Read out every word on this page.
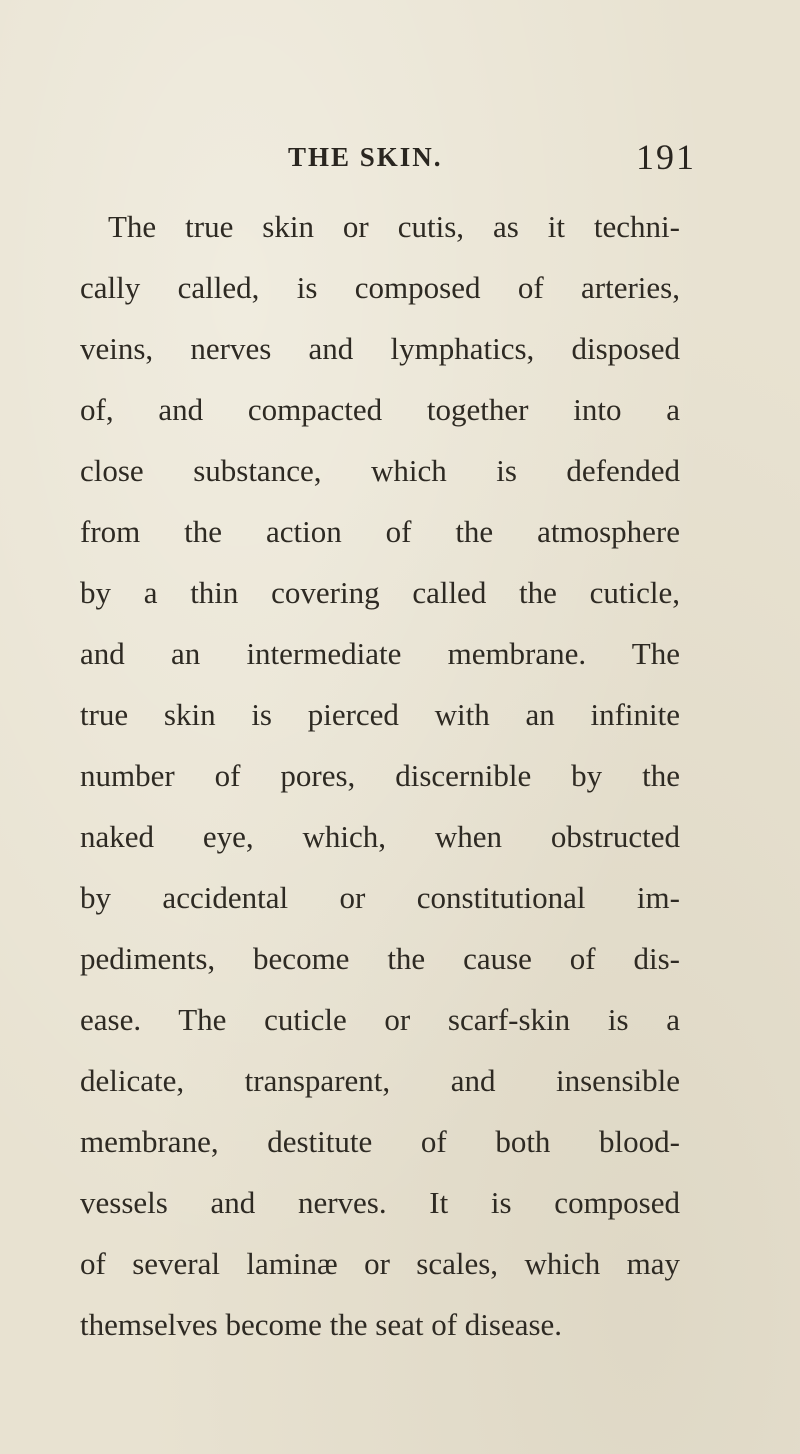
THE SKIN.	191
The true skin or cutis, as it techni-
cally called, is composed of arteries,
veins, nerves and lymphatics, disposed
of, and compacted together into a
close substance, which is defended
from the action of the atmosphere
by a thin covering called the cuticle,
and an intermediate membrane. The
true skin is pierced with an infinite
number of pores, discernible by the
naked eye, which, when obstructed
by accidental or constitutional im-
pediments, become the cause of dis-
ease. The cuticle or scarf-skin is a
delicate, transparent, and insensible
membrane, destitute of both blood-
vessels and nerves. It is composed
of several laminæ or scales, which may
themselves become the seat of disease.
